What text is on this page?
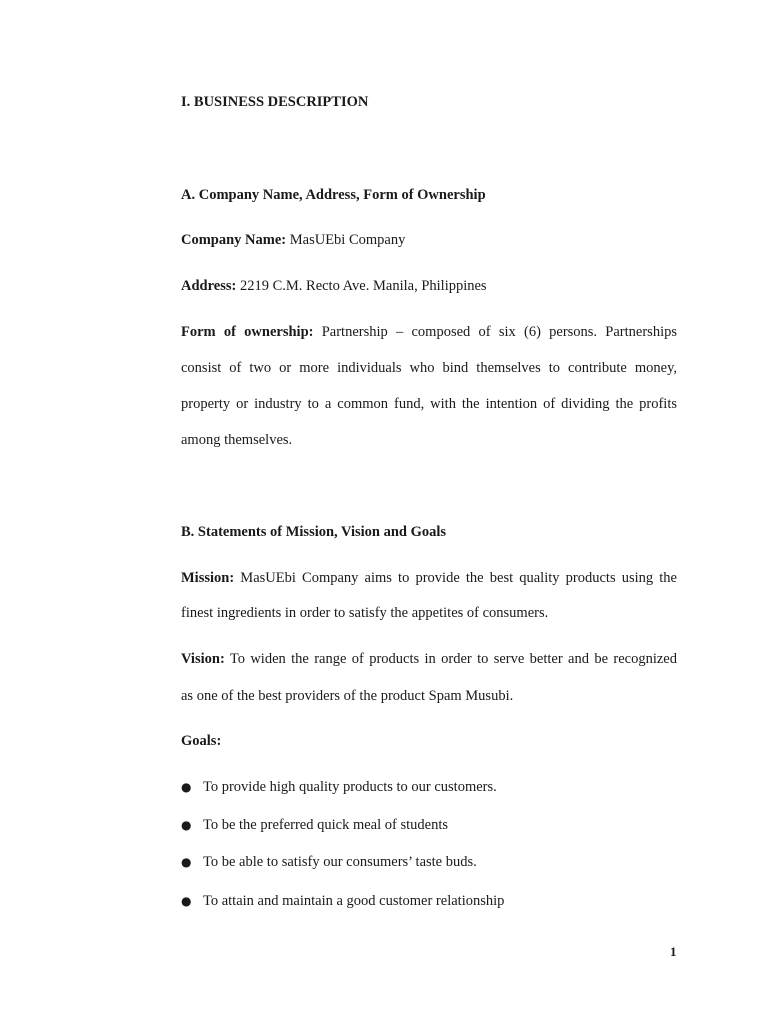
I. BUSINESS DESCRIPTION
A. Company Name, Address, Form of Ownership
Company Name: MasUEbi Company
Address: 2219 C.M. Recto Ave. Manila, Philippines
Form of ownership: Partnership – composed of six (6) persons. Partnerships
consist of two or more individuals who bind themselves to contribute money,
property or industry to a common fund, with the intention of dividing the profits
among themselves.
B. Statements of Mission, Vision and Goals
Mission: MasUEbi Company aims to provide the best quality products using the
finest ingredients in order to satisfy the appetites of consumers.
Vision: To widen the range of products in order to serve better and be recognized
as one of the best providers of the product Spam Musubi.
Goals:
● To provide high quality products to our customers.
● To be the preferred quick meal of students
● To be able to satisfy our consumers’ taste buds.
● To attain and maintain a good customer relationship
1
